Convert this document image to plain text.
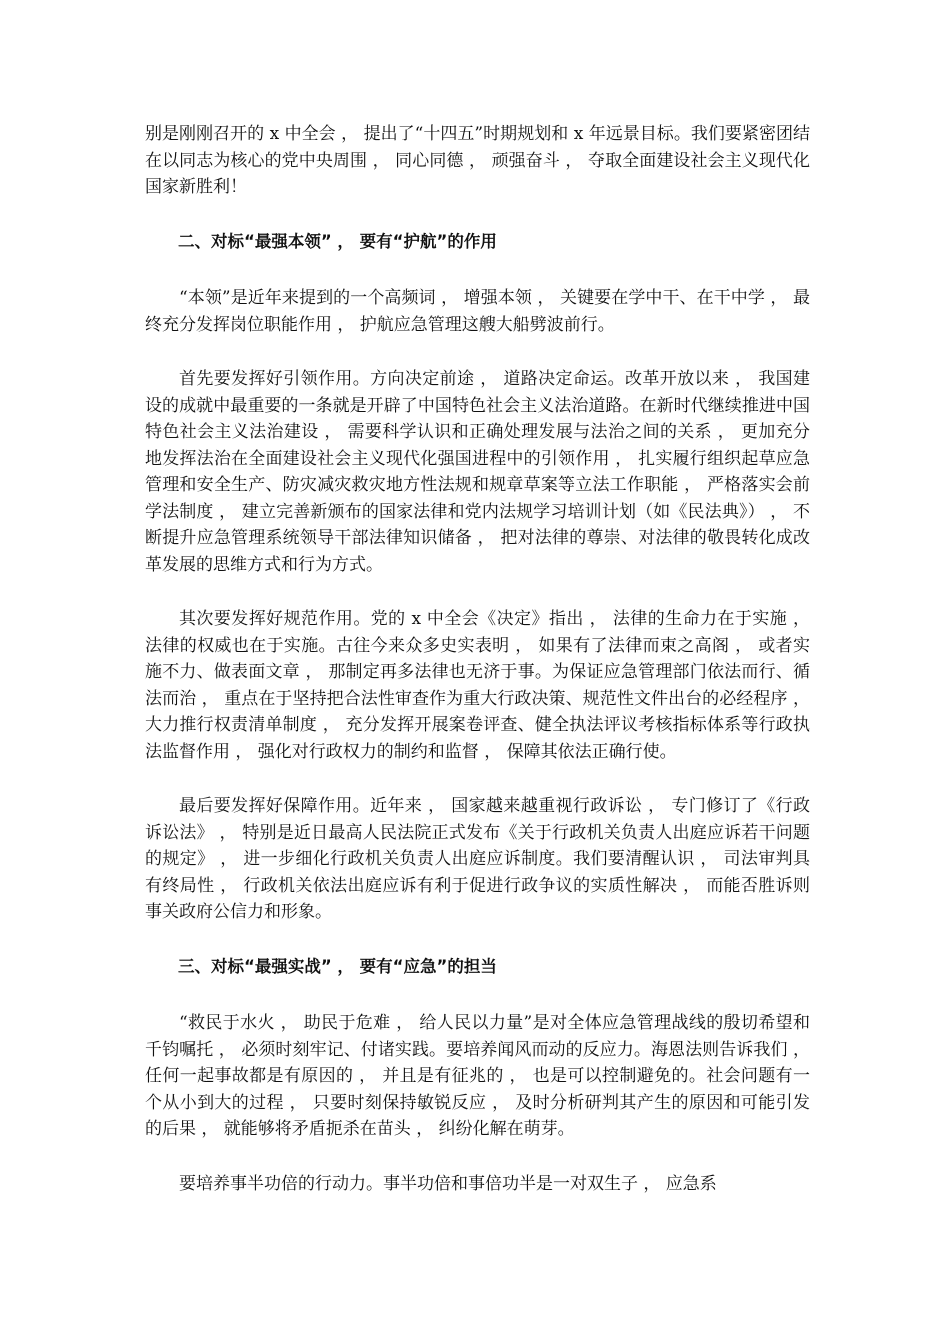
别是刚刚召开的 x 中全会 ， 提出了“十四五”时期规划和 x 年远景目标。我们要紧密团结在以同志为核心的党中央周围 ， 同心同德 ， 顽强奋斗 ， 夺取全面建设社会主义现代化国家新胜利！

二、对标“最强本领” ， 要有“护航”的作用

“本领”是近年来提到的一个高频词 ， 增强本领 ， 关键要在学中干、在干中学 ， 最终充分发挥岗位职能作用 ， 护航应急管理这艘大船劈波前行。

首先要发挥好引领作用。方向决定前途 ， 道路决定命运。改革开放以来 ， 我国建设的成就中最重要的一条就是开辟了中国特色社会主义法治道路。在新时代继续推进中国特色社会主义法治建设 ， 需要科学认识和正确处理发展与法治之间的关系 ， 更加充分地发挥法治在全面建设社会主义现代化强国进程中的引领作用 ， 扎实履行组织起草应急管理和安全生产、防灾减灾救灾地方性法规和规章草案等立法工作职能 ， 严格落实会前学法制度 ， 建立完善新颁布的国家法律和党内法规学习培训计划（如《民法典》） ， 不断提升应急管理系统领导干部法律知识储备 ， 把对法律的尊崇、对法律的敬畏转化成改革发展的思维方式和行为方式。

其次要发挥好规范作用。党的 x 中全会《决定》指出 ， 法律的生命力在于实施 ， 法律的权威也在于实施。古往今来众多史实表明 ， 如果有了法律而束之高阁 ， 或者实施不力、做表面文章 ， 那制定再多法律也无济于事。为保证应急管理部门依法而行、循法而治 ， 重点在于坚持把合法性审查作为重大行政决策、规范性文件出台的必经程序 ， 大力推行权责清单制度 ， 充分发挥开展案卷评查、健全执法评议考核指标体系等行政执法监督作用 ， 强化对行政权力的制约和监督 ， 保障其依法正确行使。

最后要发挥好保障作用。近年来 ， 国家越来越重视行政诉讼 ， 专门修订了《行政诉讼法》 ， 特别是近日最高人民法院正式发布《关于行政机关负责人出庭应诉若干问题的规定》 ， 进一步细化行政机关负责人出庭应诉制度。我们要清醒认识 ， 司法审判具有终局性 ， 行政机关依法出庭应诉有利于促进行政争议的实质性解决 ， 而能否胜诉则事关政府公信力和形象。

三、对标“最强实战” ， 要有“应急”的担当

“救民于水火 ， 助民于危难 ， 给人民以力量”是对全体应急管理战线的殷切希望和千钧嘱托 ， 必须时刻牢记、付诸实践。要培养闻风而动的反应力。海恩法则告诉我们 ， 任何一起事故都是有原因的 ， 并且是有征兆的 ， 也是可以控制避免的。社会问题有一个从小到大的过程 ， 只要时刻保持敏锐反应 ， 及时分析研判其产生的原因和可能引发的后果 ， 就能够将矛盾扼杀在苗头 ， 纠纷化解在萌芽。

要培养事半功倍的行动力。事半功倍和事倍功半是一对双生子 ， 应急系
